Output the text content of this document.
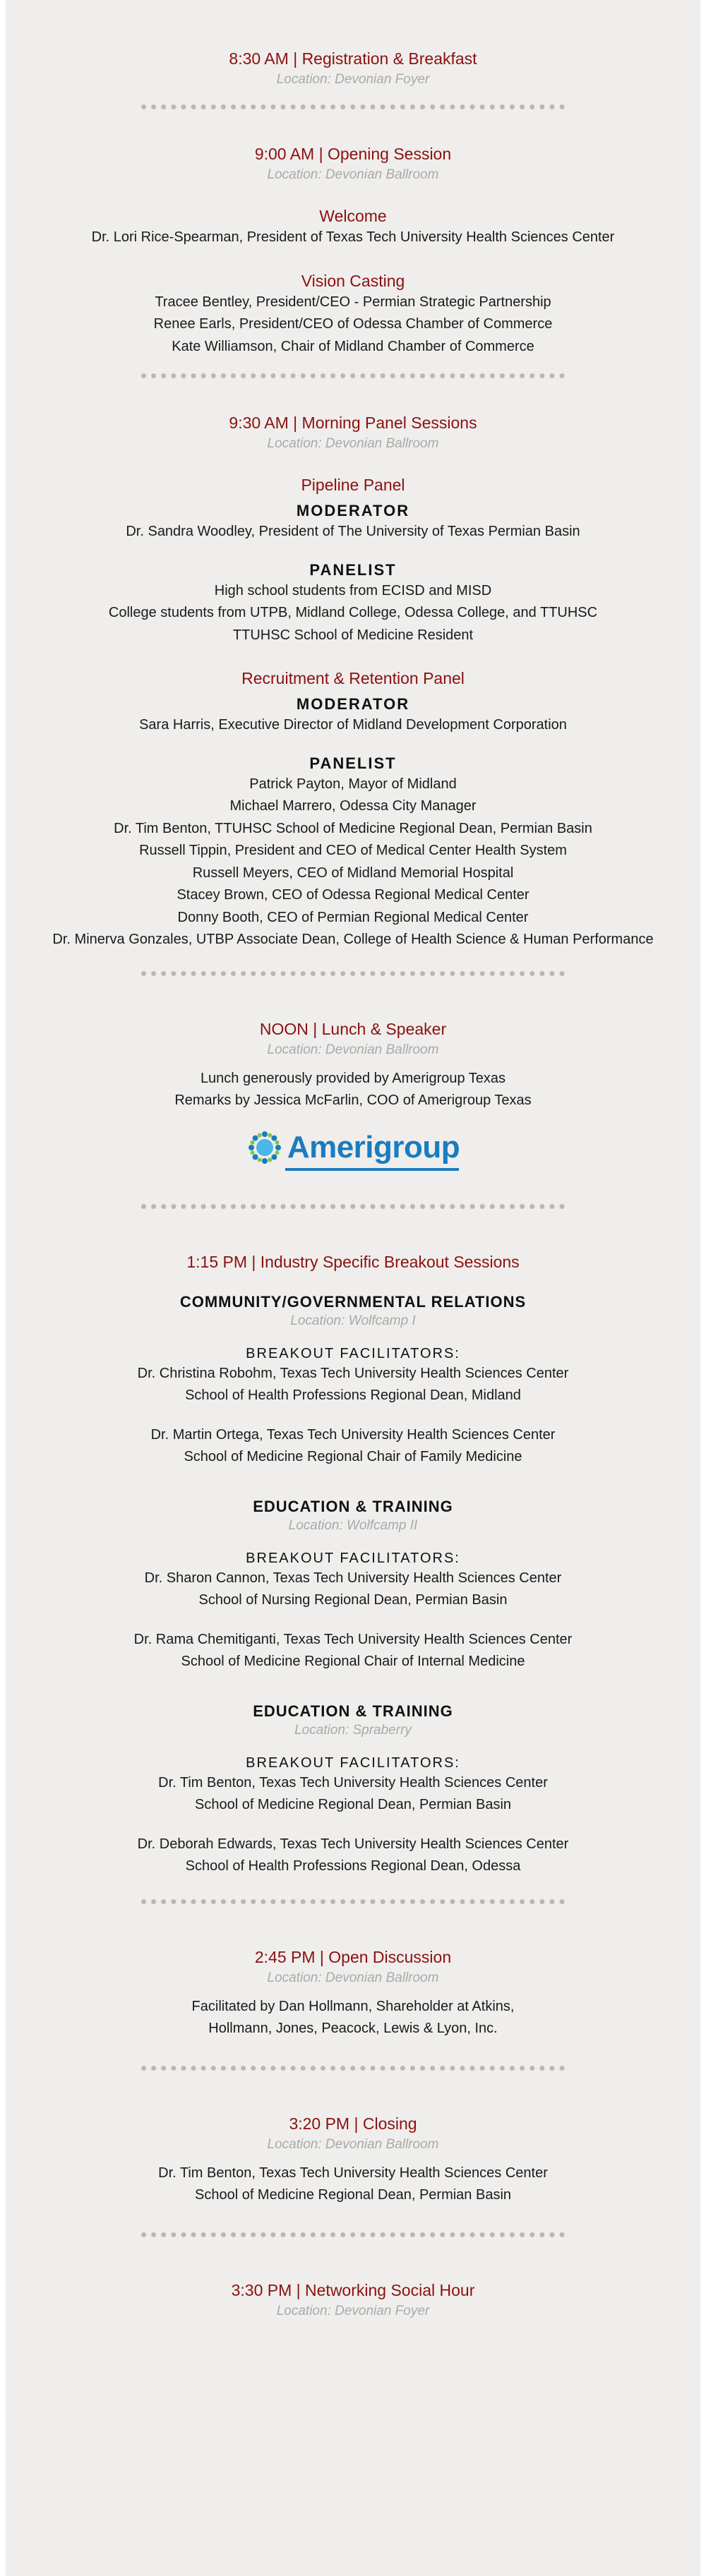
8:30 AM | Registration & Breakfast

Location: Devonian Foyer

9:00 AM | Opening Session

Location: Devonian Ballroom

Welcome

Dr. Lori Rice-Spearman, President of Texas Tech University Health Sciences Center

Vision Casting

Tracee Bentley, President/CEO - Permian Strategic Partnership

Renee Earls, President/CEO of Odessa Chamber of Commerce

Kate Williamson, Chair of Midland Chamber of Commerce

9:30 AM | Morning Panel Sessions

Location: Devonian Ballroom

Pipeline Panel

MODERATOR

Dr. Sandra Woodley, President of The University of Texas Permian Basin

PANELIST

High school students from ECISD and MISD

College students from UTPB, Midland College, Odessa College, and TTUHSC

TTUHSC School of Medicine Resident

Recruitment & Retention Panel

MODERATOR

Sara Harris, Executive Director of Midland Development Corporation

PANELIST

Patrick Payton, Mayor of Midland

Michael Marrero, Odessa City Manager

Dr. Tim Benton, TTUHSC School of Medicine Regional Dean, Permian Basin

Russell Tippin, President and CEO of Medical Center Health System

Russell Meyers, CEO of Midland Memorial Hospital

Stacey Brown, CEO of Odessa Regional Medical Center

Donny Booth, CEO of Permian Regional Medical Center

Dr. Minerva Gonzales, UTBP Associate Dean, College of Health Science & Human Performance

NOON | Lunch & Speaker

Location: Devonian Ballroom

Lunch generously provided by Amerigroup Texas

Remarks by Jessica McFarlin, COO of Amerigroup Texas

Amerigroup

1:15 PM | Industry Specific Breakout Sessions

COMMUNITY/GOVERNMENTAL RELATIONS

Location: Wolfcamp I

BREAKOUT FACILITATORS:

Dr. Christina Robohm, Texas Tech University Health Sciences Center

School of Health Professions Regional Dean, Midland

Dr. Martin Ortega, Texas Tech University Health Sciences Center

School of Medicine Regional Chair of Family Medicine

EDUCATION & TRAINING

Location: Wolfcamp II

BREAKOUT FACILITATORS:

Dr. Sharon Cannon, Texas Tech University Health Sciences Center

School of Nursing Regional Dean, Permian Basin

Dr. Rama Chemitiganti, Texas Tech University Health Sciences Center

School of Medicine Regional Chair of Internal Medicine

EDUCATION & TRAINING

Location: Spraberry

BREAKOUT FACILITATORS:

Dr. Tim Benton, Texas Tech University Health Sciences Center

School of Medicine Regional Dean, Permian Basin

Dr. Deborah Edwards, Texas Tech University Health Sciences Center

School of Health Professions Regional Dean, Odessa

2:45 PM | Open Discussion

Location: Devonian Ballroom

Facilitated by Dan Hollmann, Shareholder at Atkins,

Hollmann, Jones, Peacock, Lewis & Lyon, Inc.

3:20 PM | Closing

Location: Devonian Ballroom

Dr. Tim Benton, Texas Tech University Health Sciences Center

School of Medicine Regional Dean, Permian Basin

3:30 PM | Networking Social Hour

Location: Devonian Foyer
